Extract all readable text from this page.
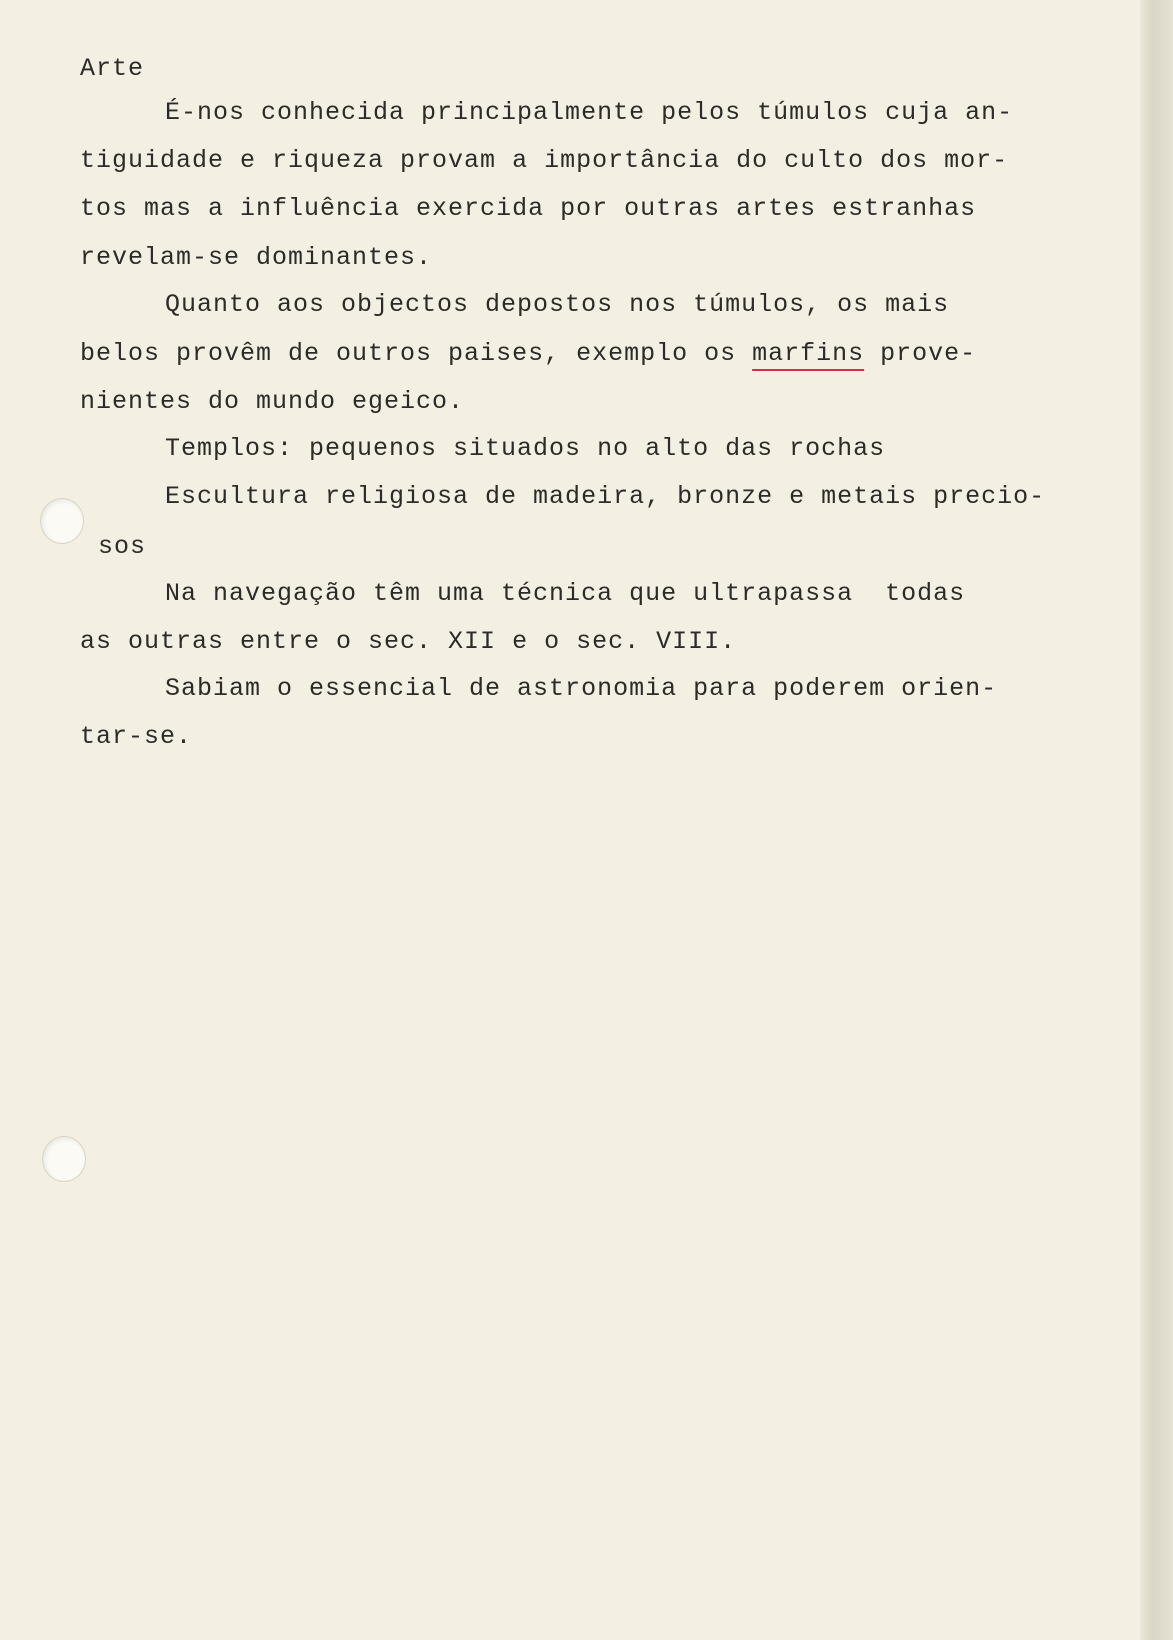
Arte
É-nos conhecida principalmente pelos túmulos cuja an-
tiguidade e riqueza provam a importância do culto dos mor-
tos mas a influência exercida por outras artes estranhas
revelam-se dominantes.
Quanto aos objectos depostos nos túmulos, os mais
belos provêm de outros paises, exemplo os marfins prove-
nientes do mundo egeico.
Templos: pequenos situados no alto das rochas
Escultura religiosa de madeira, bronze e metais precio-
sos
Na navegação têm uma técnica que ultrapassa  todas
as outras entre o sec. XII e o sec. VIII.
Sabiam o essencial de astronomia para poderem orien-
tar-se.
